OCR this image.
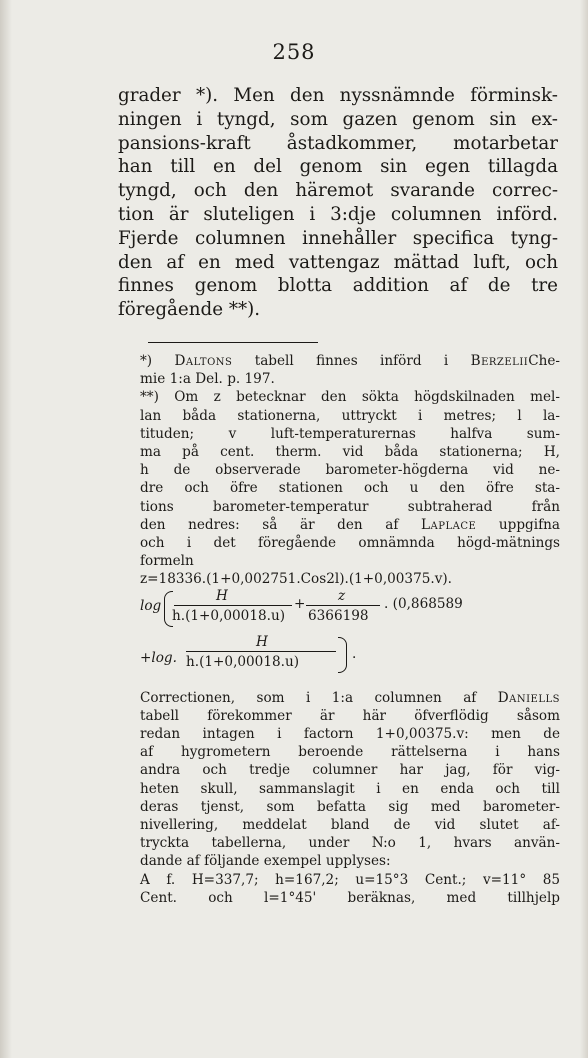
258
grader *). Men den nyssnämnde förminsk-
ningen i tyngd, som gazen genom sin ex-
pansions-kraft åstadkommer, motarbetar
han till en del genom sin egen tillagda
tyngd, och den häremot svarande correc-
tion är sluteligen i 3:dje columnen införd.
Fjerde columnen innehåller specifica tyng-
den af en med vattengaz mättad luft, och
finnes genom blotta addition af de tre
föregående **).
*) Daltons tabell finnes införd i BerzeliiChe-
mie 1:a Del. p. 197.
**) Om z betecknar den sökta högdskilnaden mel-
lan båda stationerna, uttryckt i metres; l la-
tituden; v luft-temperaturernas halfva sum-
ma på cent. therm. vid båda stationerna; H,
h de observerade barometer-högderna vid ne-
dre och öfre stationen och u den öfre sta-
tions barometer-temperatur subtraherad från
den nedres: så är den af Laplace uppgifna
och i det föregående omnämnda högd-mätnings
formeln
z=18336.(1+0,002751.Cos2l).(1+0,00375.v).
log
H
h.(1+0,00018.u)
+ z
6366198
. (0,868589
+log.
H
h.(1+0,00018.u)	.
Correctionen, som i 1:a columnen af Daniells
tabell förekommer är här öfverflödig såsom
redan intagen i factorn 1+0,00375.v: men de
af hygrometern beroende rättelserna i hans
andra och tredje columner har jag, för vig-
heten skull, sammanslagit i en enda och till
deras tjenst, som befatta sig med barometer-
nivellering, meddelat bland de vid slutet af-
tryckta tabellerna, under N:o 1, hvars använ-
dande af följande exempel upplyses:
A f. H=337,7; h=167,2; u=15°3 Cent.; v=11° 85
Cent. och l=1°45' beräknas, med tillhjelp
